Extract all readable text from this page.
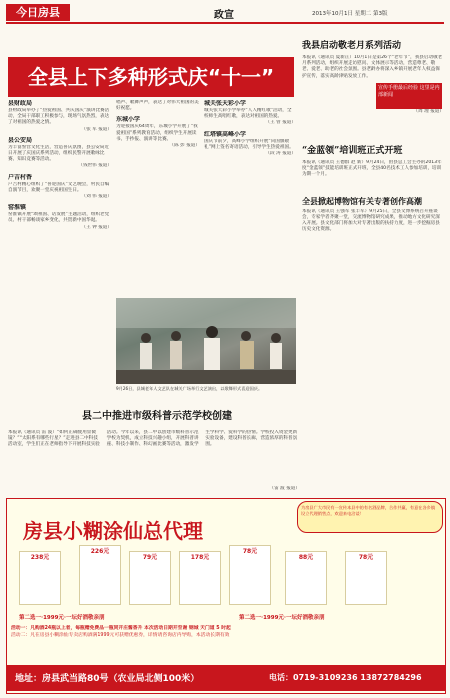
今日房县	政宣	2013年10月1日 星期二 第3版
全县上下多种形式庆“十一”
县财政局
县财政局举办了“热爱祖国、共庆国庆”演讲比赛活动，全局干部职工积极参与，现场气氛热烈，表达了对祖国的热爱之情。
（张 军 报道）
县公安局
为丰富警营文化生活，营造喜庆氛围，县公安局近日开展了庆国庆系列活动，组织民警开展歌咏比赛、知识竞赛等活动。
（钱世伟 报道）
户吉村香
户吉村精心组织了“喜迎国庆”文艺晚会，村民自编自演节目，欢聚一堂庆祝祖国生日。
（刘 伟 报道）
窑淮镇
窑淮镇开展“颂祖国、话发展”主题活动，组织老党员、村干部畅谈家乡变化，共贺新中国华诞。
（王 钟 报道）
唱声、歌舞声声，表达了对伟大祖国的美好祝愿。
东城小学
为迎接国庆64周年，东城小学开展了“我爱祖国”系列教育活动，组织学生开展读书、手抄报、演讲等比赛。
（陈 彭 报道）
城关张天彩小学
城关张天彩小学举办“人人精红歌”活动，全校师生高唱红歌，表达对祖国的热爱。
（王 曾 报道）
红塔镇高峰小学
国庆节前夕，高峰小学组织开展“向国旗敬礼”网上签名寄语活动，引导学生热爱祖国。
（段 涛 报道）
9月26日，县城老年人文艺队在城关广场举行文艺演出，以歌舞形式喜迎国庆。
我县启动敬老月系列活动
本报讯（通讯员 夏新正）10月1日是第26个“老年节”，我县启动敬老月系列活动，组织开展走访慰问、文体展示等活动，营造尊老、敬老、爱老、助老的社会氛围。县老龄办将深入乡镇开展老年人权益保护宣传，落实高龄津贴发放工作。
宣传手册最后经验 这里是内部新闻
（周 理 报道）
“金蓝领”培训班正式开班
本报讯（通讯员 王德群 赵 新）9月24日，由县总工会主办的2013年度“金蓝领”技能培训班正式开班，全县40名技术工人参加培训，培训为期一个月。
全县掀起博物馆有关专著创作高潮
本报讯（通讯员 王强军 张丰军）9月25日，全县文博系统召开座谈会，专家学者齐聚一堂，交流博物馆研究成果，推动地方文化研究深入开展。县文化部门将加大对专著出版的扶持力度，进一步挖掘房县历史文化资源。
县二中推进市级科普示范学校创建
本报讯（通讯员 雷 波）“如何正确使用显微镜？”“太阳系有哪些行星？”走进县二中科技活动室，学生们正在老师指导下开展科技实验活动。今年以来，县二中以创建市级科普示范学校为契机，成立科技兴趣小组，开展科普讲座、科技小制作、科幻画比赛等活动，激发学生学科学、爱科学的热情。学校投入资金更新实验设备，建设科普长廊，营造浓厚的科普氛围。
（雷 波 报道）
为房县广大市民有一宣传本县中的有名酒品牌，合作共赢，有意在各乡镇设立代理销售点，欢迎来电洽谈！
房县小糊涂仙总代理
238元
226元
79元	178元
78元
88元	78元
第二选一·1999元·一坛好酒敬亲朋	第二选一·1999元·一坛好酒敬亲朋
活动一：凡购酒24瓶以上者，每瓶赠免费品一瓶同开庄酱香升 本次活动日期开至谢 钢城 天门道 5 时起
活动二：凡在房县小糊涂仙专卖店购酒满1999元可获赠优惠券，详情请咨询店内导购，本活动长期有效
地址：房县武当路80号（农业局北侧100米）	电话：0719-3109236 13872784296
